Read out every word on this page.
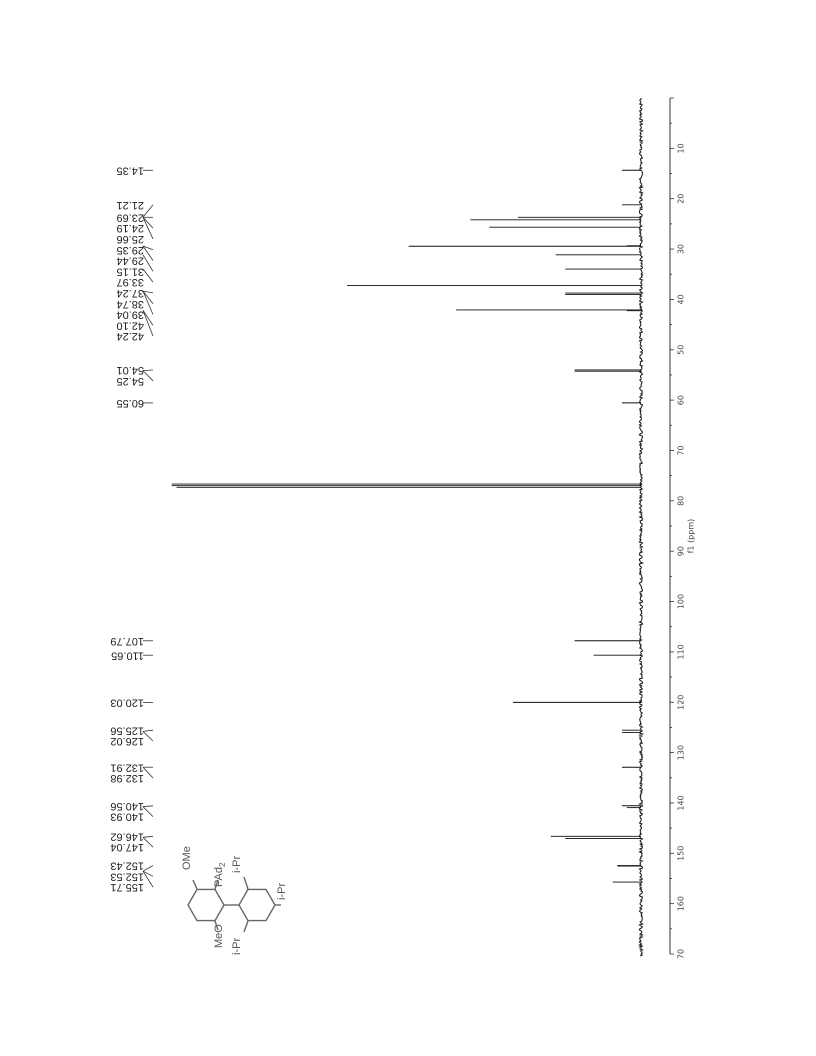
10
20
30
40
50
60
70
80
90
100
110
120
130
140
150
160
70
f1 (ppm)
14.35
21.21
23.69
24.19
25.66
29.35
29.44
31.15
33.97
37.24
38.74
39.04
42.10
42.24
54.01
54.25
60.55
107.79
110.65
120.03
125.56
126.02
132.91
132.98
140.56
140.93
146.62
147.04
152.43
152.53
155.71
OMe
PAd$_2$ i-Pr
MeO i-Pr
i-Pr
